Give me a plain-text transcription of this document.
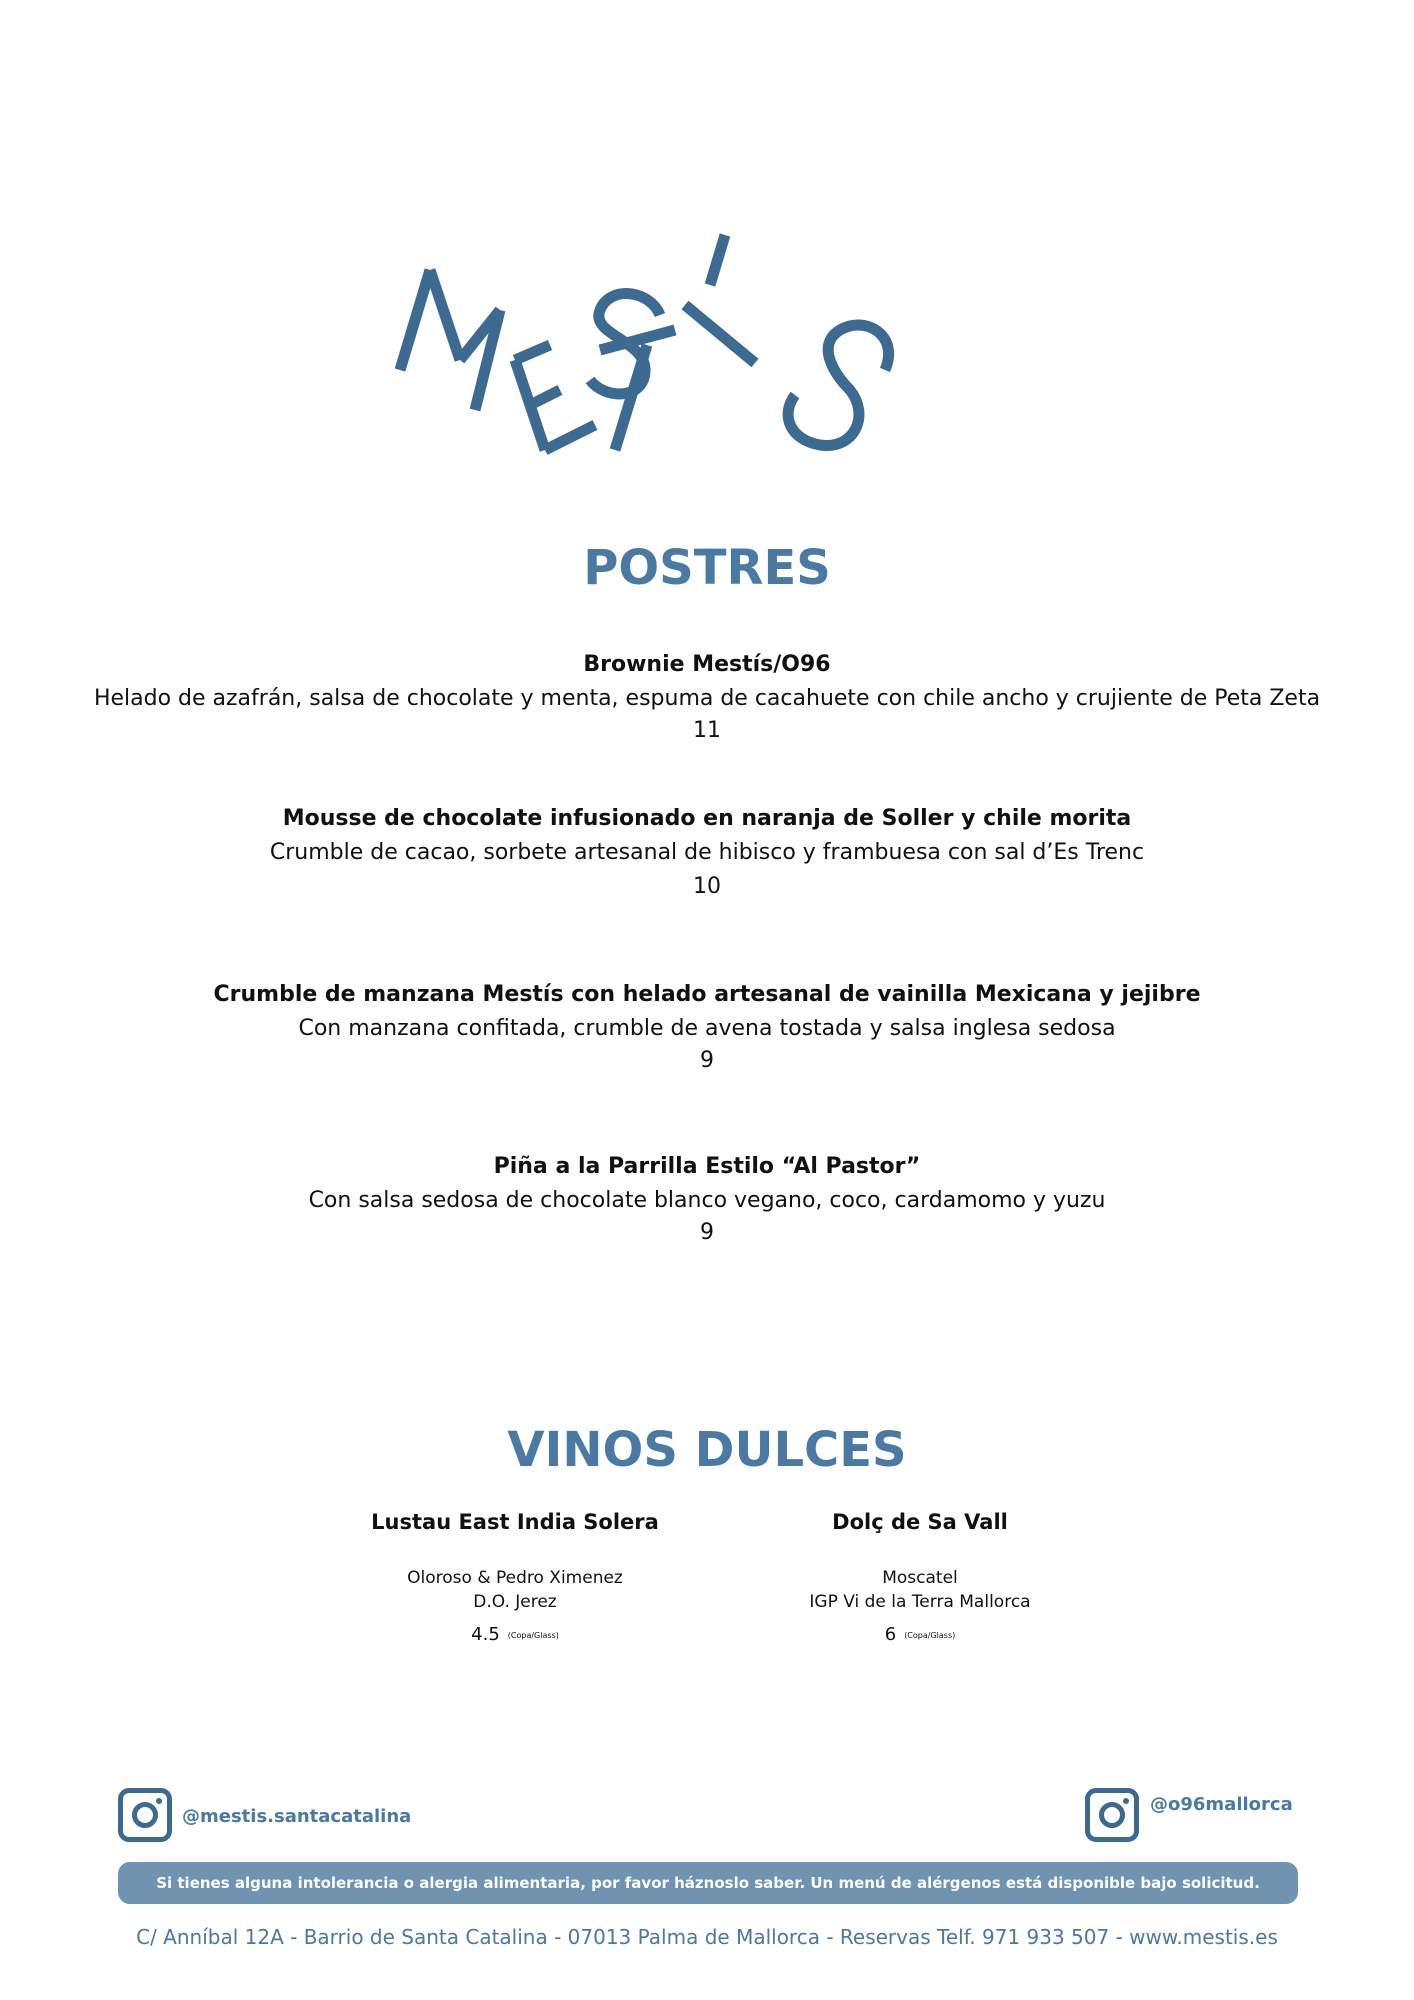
POSTRES
Brownie Mestís/O96
Helado de azafrán, salsa de chocolate y menta, espuma de cacahuete con chile ancho y crujiente de Peta Zeta
11
Mousse de chocolate infusionado en naranja de Soller y chile morita
Crumble de cacao, sorbete artesanal de hibisco y frambuesa con sal d’Es Trenc
10
Crumble de manzana Mestís con helado artesanal de vainilla Mexicana y jejibre
Con manzana confitada, crumble de avena tostada y salsa inglesa sedosa
9
Piña a la Parrilla Estilo “Al Pastor”
Con salsa sedosa de chocolate blanco vegano, coco, cardamomo y yuzu
9
VINOS DULCES
Lustau East India Solera
Oloroso & Pedro Ximenez
D.O. Jerez
4.5 (Copa/Glass)
Dolç de Sa Vall
Moscatel
IGP Vi de la Terra Mallorca
6 (Copa/Glass)
@mestis.santacatalina
@o96mallorca
Si tienes alguna intolerancia o alergia alimentaria, por favor háznoslo saber. Un menú de alérgenos está disponible bajo solicitud.
C/ Anníbal 12A - Barrio de Santa Catalina - 07013 Palma de Mallorca - Reservas Telf. 971 933 507 - www.mestis.es
